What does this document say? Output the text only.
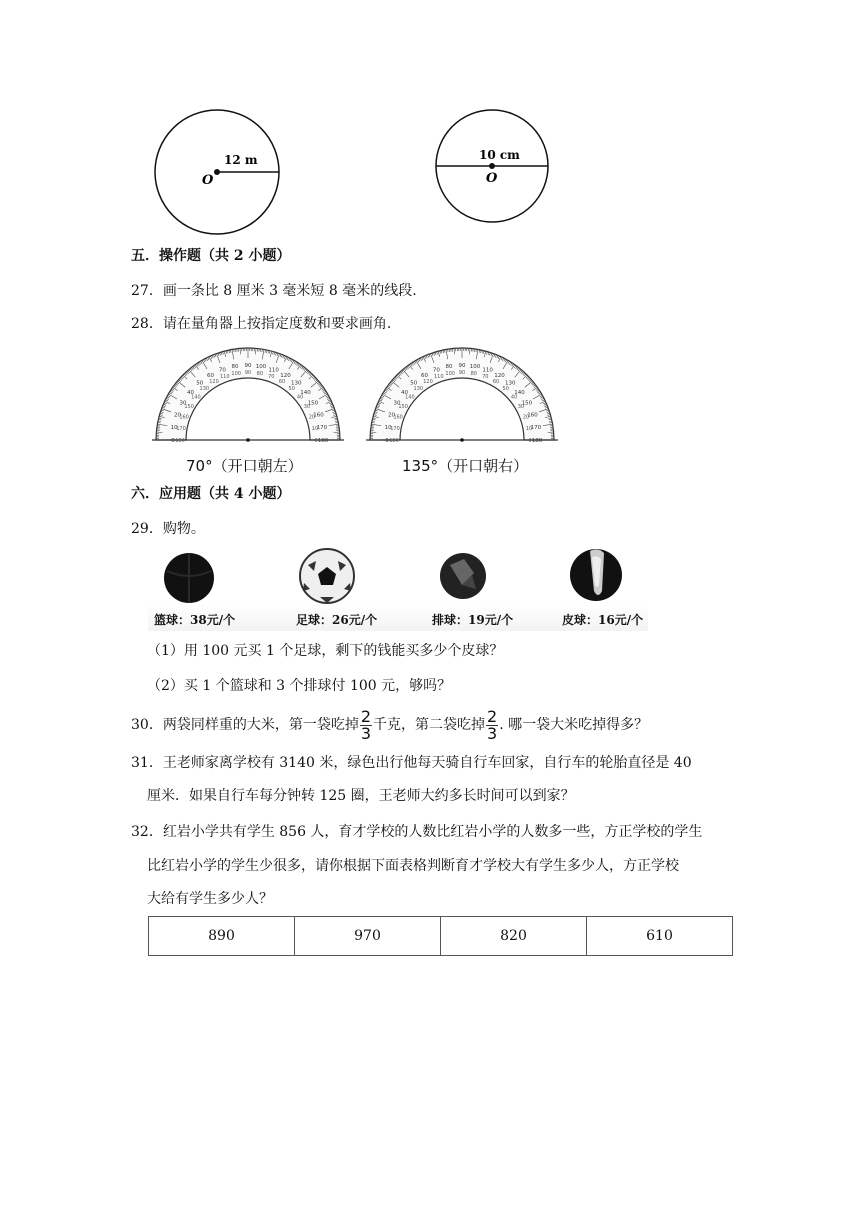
12 m
O
10 cm
O
五．操作题（共 2 小题）
27．画一条比 8 厘米 3 毫米短 8 毫米的线段.
28．请在量角器上按指定度数和要求画角.
180
0
170
10
160
20
150
30
140
40
130
50
120
60
110
70
100
80
90
90
80
100
70
110
60
120
50
130
40
140
30
150
20
160
10
170
0 180	180
0
170
10
160
20
150
30
140
40
130
50
120
60
110
70
100
80
90
90
80
100
70
110
60
120
50
130
40
140
30
150
20
160
10
170
0 180
70°（开口朝左）	135°（开口朝右）
六．应用题（共 4 小题）
29．购物。
篮球：38元/个	足球：26元/个	排球：19元/个	皮球：16元/个
（1）用 100 元买 1 个足球，剩下的钱能买多少个皮球？
（2）买 1 个篮球和 3 个排球付 100 元，够吗？
30．两袋同样重的大米，第一袋吃掉 $\frac{2}{3}$ 千克，第二袋吃掉 $\frac{2}{3}$ . 哪一袋大米吃掉得多？
31．王老师家离学校有 3140 米，绿色出行他每天骑自行车回家，自行车的轮胎直径是 40
厘米．如果自行车每分钟转 125 圈，王老师大约多长时间可以到家？
32．红岩小学共有学生 856 人，育才学校的人数比红岩小学的人数多一些，方正学校的学生
比红岩小学的学生少很多，请你根据下面表格判断育才学校大有学生多少人，方正学校
大给有学生多少人？
890	970	820	610
